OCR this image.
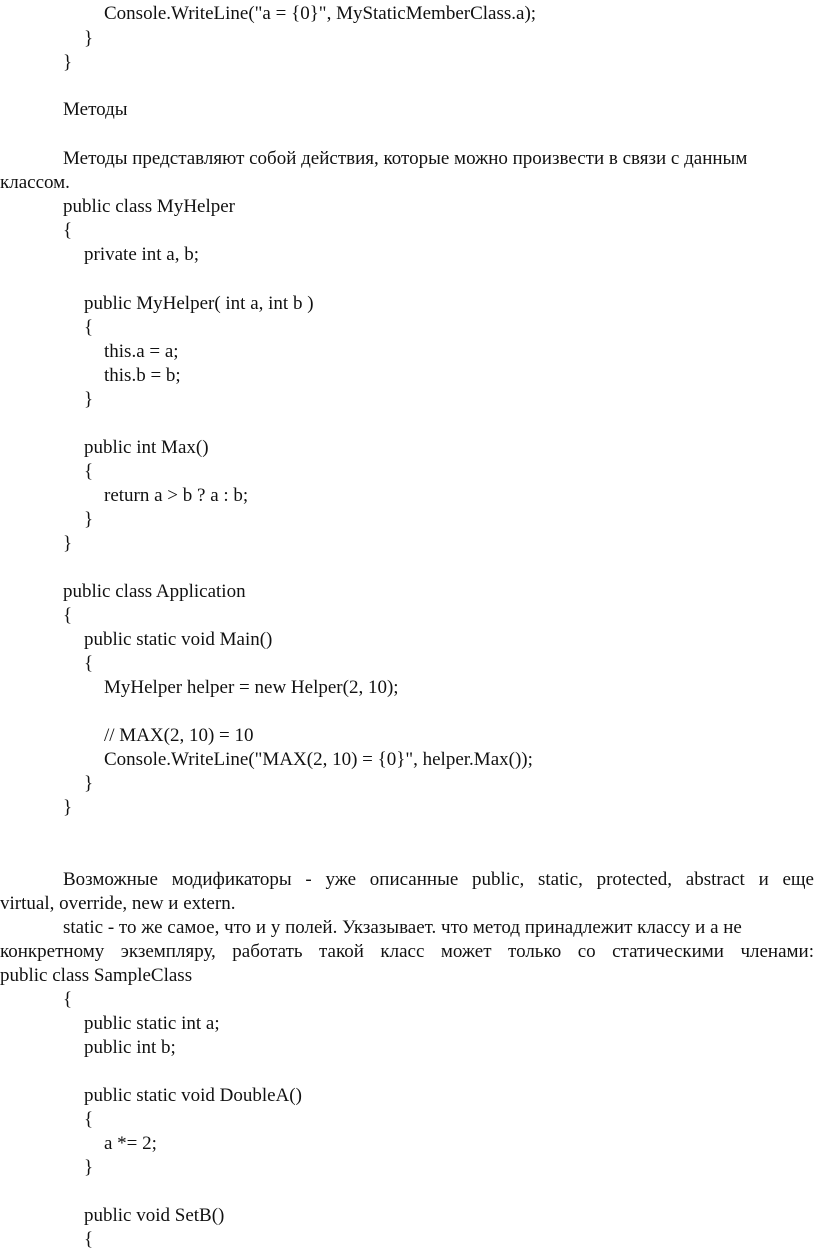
Console.WriteLine("a = {0}", MyStaticMemberClass.a);
}
}
Методы
Методы представляют собой действия, которые можно произвести в связи с данным
классом.
public class MyHelper
{
private int a, b;
public MyHelper( int a, int b )
{
this.a = a;
this.b = b;
}
public int Max()
{
return a > b ? a : b;
}
}
public class Application
{
public static void Main()
{
MyHelper helper = new Helper(2, 10);
// MAX(2, 10) = 10
Console.WriteLine("MAX(2, 10) = {0}", helper.Max());
}
}
Возможные модификаторы - уже описанные public, static, protected, abstract и еще
virtual, override, new и extern.
static - то же самое, что и у полей. Укзазывает. что метод принадлежит классу и а не
конкретному экземпляру, работать такой класс может только со статическими членами:
public class SampleClass
{
public static int a;
public int b;
public static void DoubleA()
{
a *= 2;
}
public void SetB()
{
